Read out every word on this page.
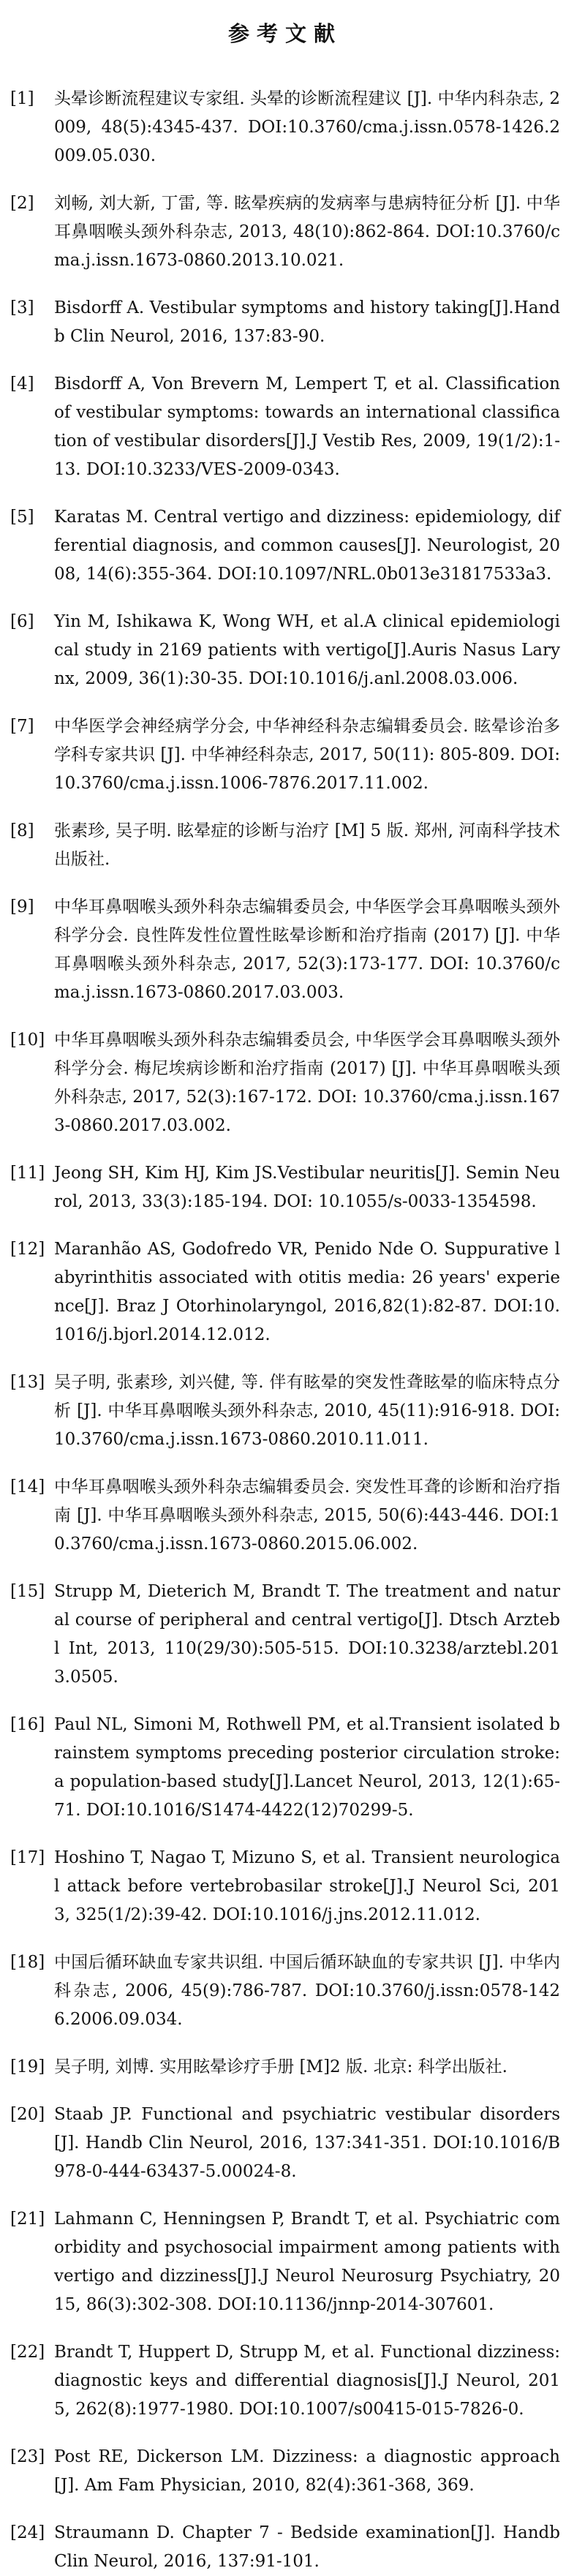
参考文献
[1]	头晕诊断流程建议专家组. 头晕的诊断流程建议 [J]. 中华内科杂志, 2009, 48(5):4345-437. DOI:10.3760/cma.j.issn.0578-1426.2009.05.030.
[2]	刘畅, 刘大新, 丁雷, 等. 眩晕疾病的发病率与患病特征分析 [J]. 中华耳鼻咽喉头颈外科杂志, 2013, 48(10):862-864. DOI:10.3760/cma.j.issn.1673-0860.2013.10.021.
[3]	Bisdorff A. Vestibular symptoms and history taking[J].Handb Clin Neurol, 2016, 137:83-90.
[4]	Bisdorff A, Von Brevern M, Lempert T, et al. Classification of vestibular symptoms: towards an international classification of vestibular disorders[J].J Vestib Res, 2009, 19(1/2):1-13. DOI:10.3233/VES-2009-0343.
[5]	Karatas M. Central vertigo and dizziness: epidemiology, differential diagnosis, and common causes[J]. Neurologist, 2008, 14(6):355-364. DOI:10.1097/NRL.0b013e31817533a3.
[6]	Yin M, Ishikawa K, Wong WH, et al.A clinical epidemiological study in 2169 patients with vertigo[J].Auris Nasus Larynx, 2009, 36(1):30-35. DOI:10.1016/j.anl.2008.03.006.
[7]	中华医学会神经病学分会, 中华神经科杂志编辑委员会. 眩晕诊治多学科专家共识 [J]. 中华神经科杂志, 2017, 50(11): 805-809. DOI:10.3760/cma.j.issn.1006-7876.2017.11.002.
[8]	张素珍, 吴子明. 眩晕症的诊断与治疗 [M] 5 版. 郑州, 河南科学技术出版社.
[9]	中华耳鼻咽喉头颈外科杂志编辑委员会, 中华医学会耳鼻咽喉头颈外科学分会. 良性阵发性位置性眩晕诊断和治疗指南 (2017) [J]. 中华耳鼻咽喉头颈外科杂志, 2017, 52(3):173-177. DOI: 10.3760/cma.j.issn.1673-0860.2017.03.003.
[10] 中华耳鼻咽喉头颈外科杂志编辑委员会, 中华医学会耳鼻咽喉头颈外科学分会. 梅尼埃病诊断和治疗指南 (2017) [J]. 中华耳鼻咽喉头颈外科杂志, 2017, 52(3):167-172. DOI: 10.3760/cma.j.issn.1673-0860.2017.03.002.
[11] Jeong SH, Kim HJ, Kim JS.Vestibular neuritis[J]. Semin Neurol, 2013, 33(3):185-194. DOI: 10.1055/s-0033-1354598.
[12] Maranhão AS, Godofredo VR, Penido Nde O. Suppurative labyrinthitis associated with otitis media: 26 years' experience[J]. Braz J Otorhinolaryngol, 2016,82(1):82-87. DOI:10.1016/j.bjorl.2014.12.012.
[13] 吴子明, 张素珍, 刘兴健, 等. 伴有眩晕的突发性聋眩晕的临床特点分析 [J]. 中华耳鼻咽喉头颈外科杂志, 2010, 45(11):916-918. DOI:10.3760/cma.j.issn.1673-0860.2010.11.011.
[14] 中华耳鼻咽喉头颈外科杂志编辑委员会. 突发性耳聋的诊断和治疗指南 [J]. 中华耳鼻咽喉头颈外科杂志, 2015, 50(6):443-446. DOI:10.3760/cma.j.issn.1673-0860.2015.06.002.
[15] Strupp M, Dieterich M, Brandt T. The treatment and natural course of peripheral and central vertigo[J]. Dtsch Arztebl Int, 2013, 110(29/30):505-515. DOI:10.3238/arztebl.2013.0505.
[16] Paul NL, Simoni M, Rothwell PM, et al.Transient isolated brainstem symptoms preceding posterior circulation stroke: a population-based study[J].Lancet Neurol, 2013, 12(1):65-71. DOI:10.1016/S1474-4422(12)70299-5.
[17] Hoshino T, Nagao T, Mizuno S, et al. Transient neurological attack before vertebrobasilar stroke[J].J Neurol Sci, 2013, 325(1/2):39-42. DOI:10.1016/j.jns.2012.11.012.
[18] 中国后循环缺血专家共识组. 中国后循环缺血的专家共识 [J]. 中华内科杂志, 2006, 45(9):786-787. DOI:10.3760/j.issn:0578-1426.2006.09.034.
[19] 吴子明, 刘博. 实用眩晕诊疗手册 [M]2 版. 北京: 科学出版社.
[20] Staab JP. Functional and psychiatric vestibular disorders[J]. Handb Clin Neurol, 2016, 137:341-351. DOI:10.1016/B978-0-444-63437-5.00024-8.
[21] Lahmann C, Henningsen P, Brandt T, et al. Psychiatric comorbidity and psychosocial impairment among patients with vertigo and dizziness[J].J Neurol Neurosurg Psychiatry, 2015, 86(3):302-308. DOI:10.1136/jnnp-2014-307601.
[22] Brandt T, Huppert D, Strupp M, et al. Functional dizziness: diagnostic keys and differential diagnosis[J].J Neurol, 2015, 262(8):1977-1980. DOI:10.1007/s00415-015-7826-0.
[23] Post RE, Dickerson LM. Dizziness: a diagnostic approach[J]. Am Fam Physician, 2010, 82(4):361-368, 369.
[24] Straumann D. Chapter 7 - Bedside examination[J]. Handb Clin Neurol, 2016, 137:91-101.
